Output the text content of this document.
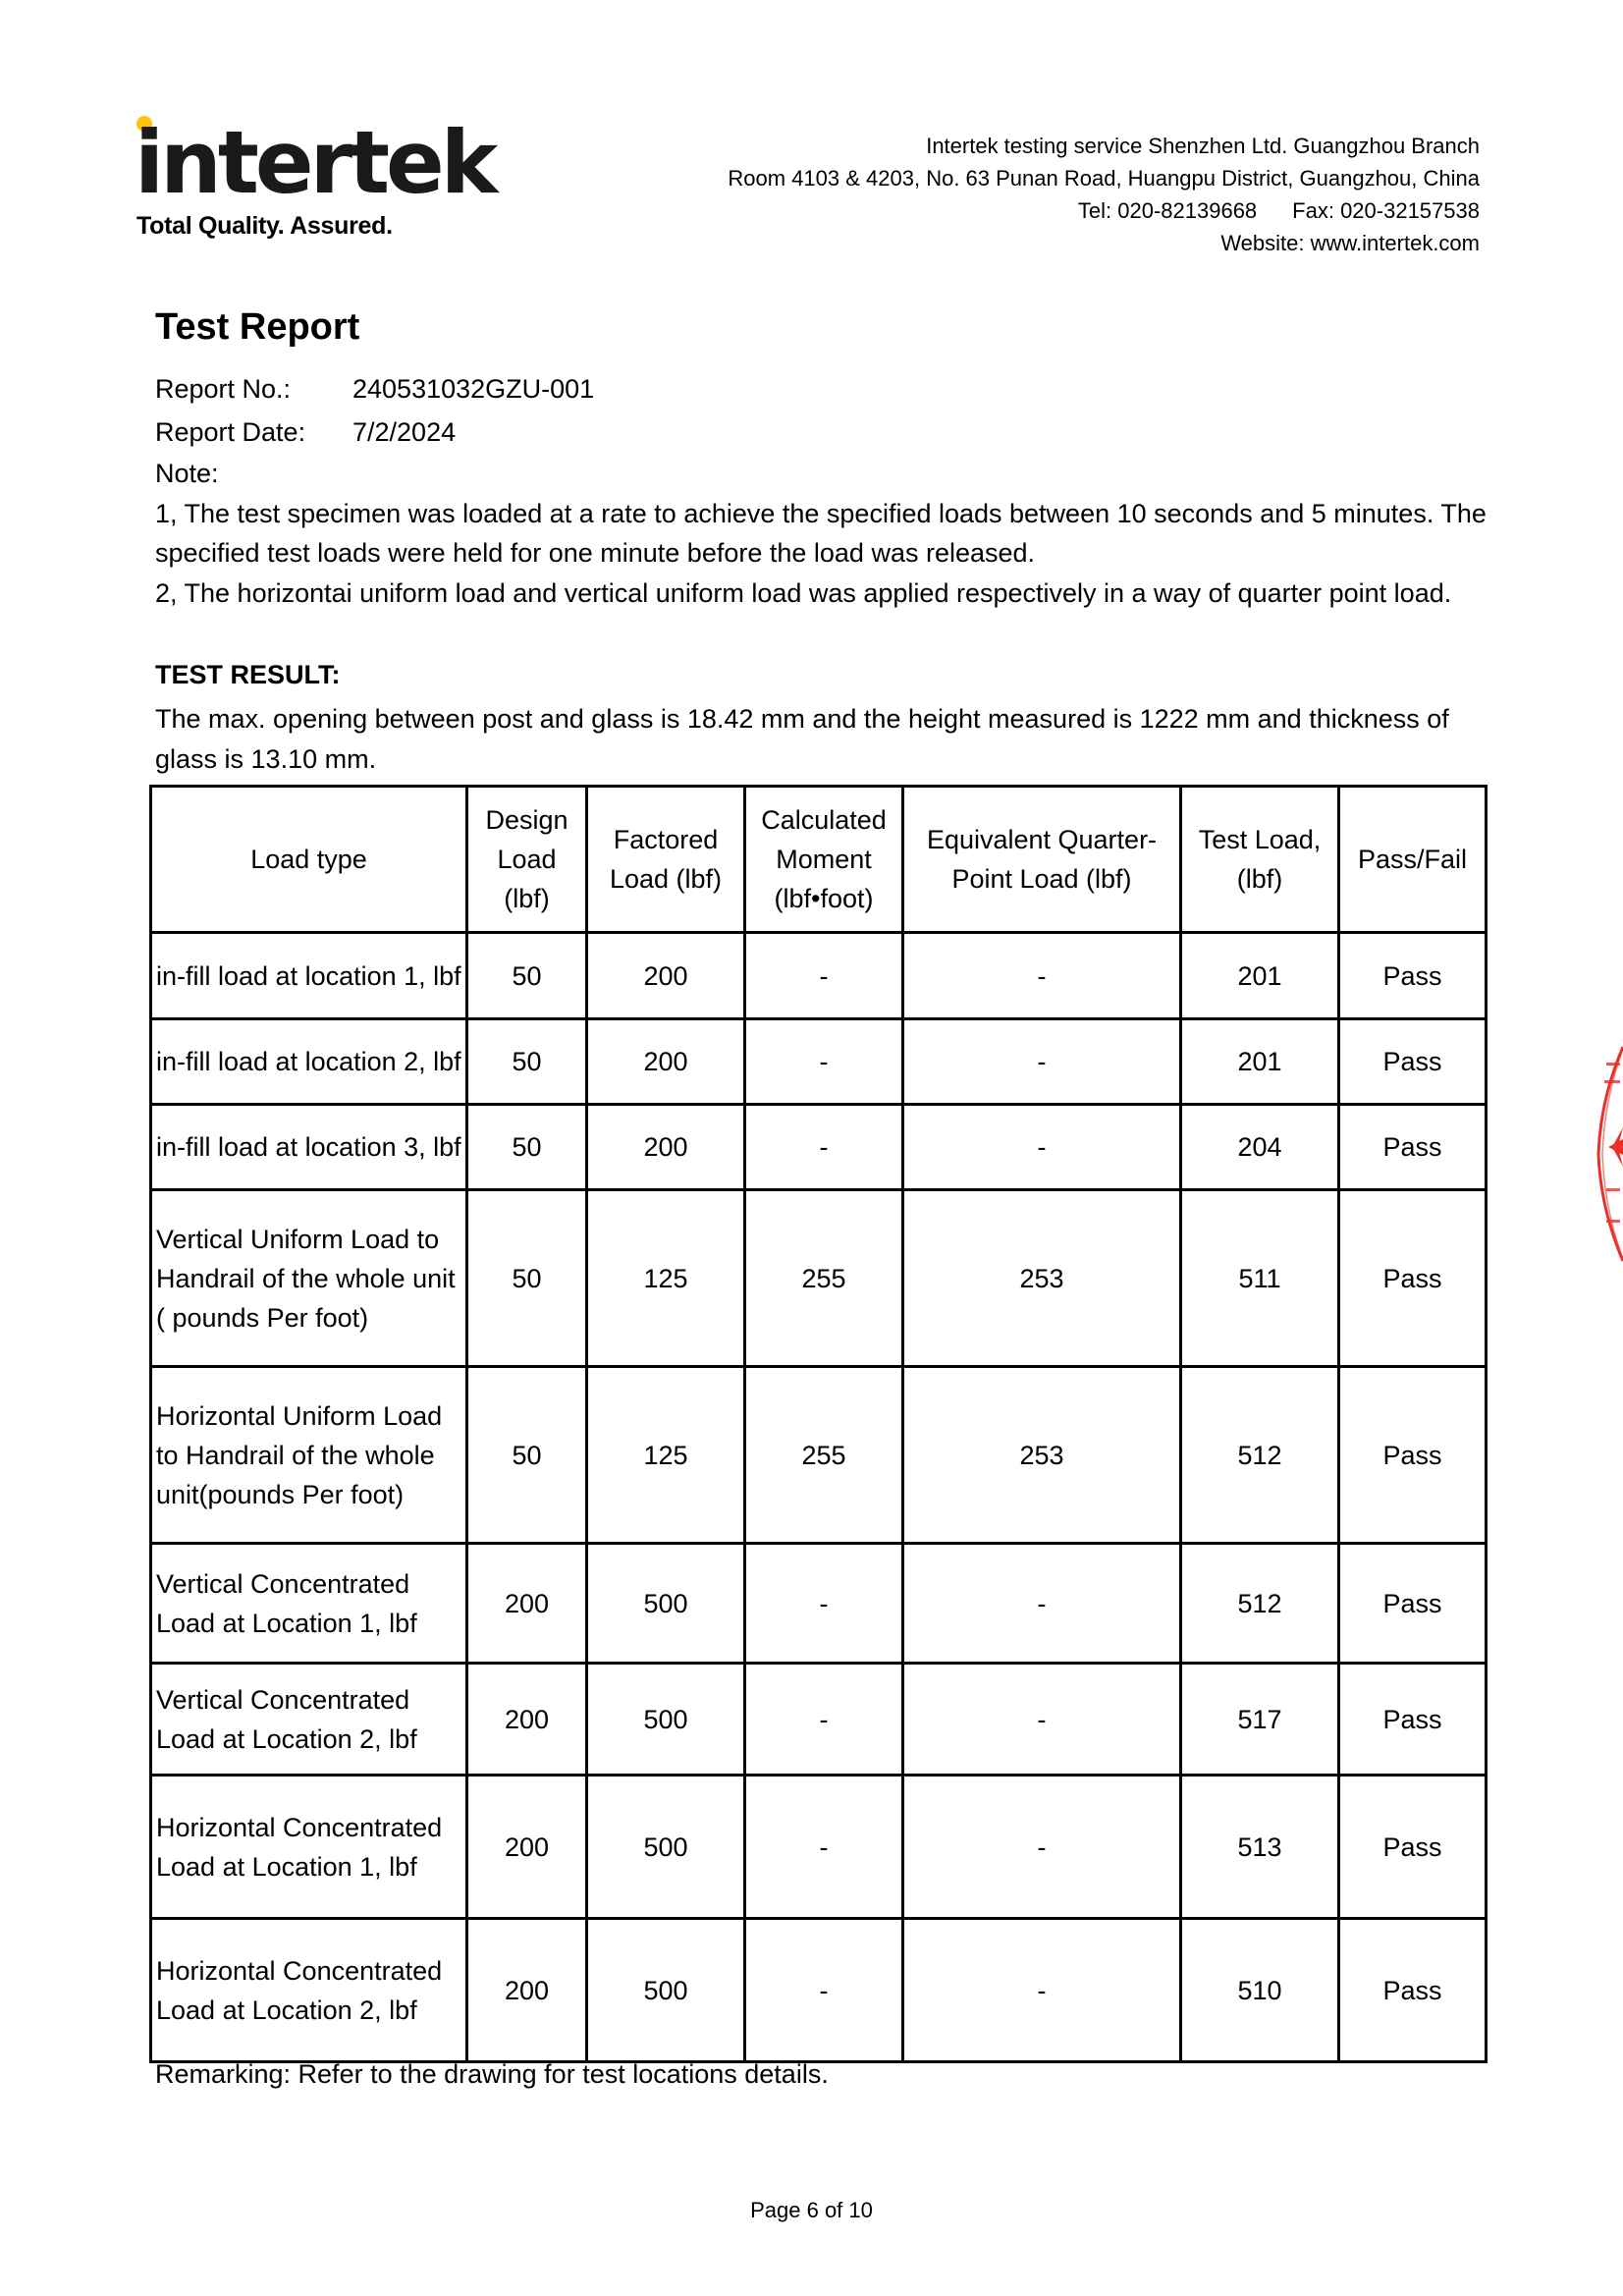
intertek
Total Quality. Assured.
Intertek testing service Shenzhen Ltd. Guangzhou Branch
Room 4103 & 4203, No. 63 Punan Road, Huangpu District, Guangzhou, China
Tel: 020-82139668 Fax: 020-32157538
Website: www.intertek.com
Test Report
Report No.:	240531032GZU-001
Report Date:	7/2/2024

Note:

1, The test specimen was loaded at a rate to achieve the specified loads between 10 seconds and 5 minutes. The specified test loads were held for one minute before the load was released.

2, The horizontai uniform load and vertical uniform load was applied respectively in a way of quarter point load.

TEST RESULT:
The max. opening between post and glass is 18.42 mm and the height measured is 1222 mm and thickness of glass is 13.10 mm.
Load type	Design Load (lbf)	Factored Load (lbf)	Calculated Moment (lbf•foot)	Equivalent Quarter-Point Load (lbf)	Test Load, (lbf)	Pass/Fail
in-fill load at location 1, lbf	50	200	-	-	201	Pass
in-fill load at location 2, lbf	50	200	-	-	201	Pass
in-fill load at location 3, lbf	50	200	-	-	204	Pass
Vertical Uniform Load to Handrail of the whole unit ( pounds Per foot)	50	125	255	253	511	Pass
Horizontal Uniform Load to Handrail of the whole unit(pounds Per foot)	50	125	255	253	512	Pass
Vertical Concentrated Load at Location 1, lbf	200	500	-	-	512	Pass
Vertical Concentrated Load at Location 2, lbf	200	500	-	-	517	Pass
Horizontal Concentrated Load at Location 1, lbf	200	500	-	-	513	Pass
Horizontal Concentrated Load at Location 2, lbf	200	500	-	-	510	Pass
Remarking: Refer to the drawing for test locations details.
Page 6 of 10
